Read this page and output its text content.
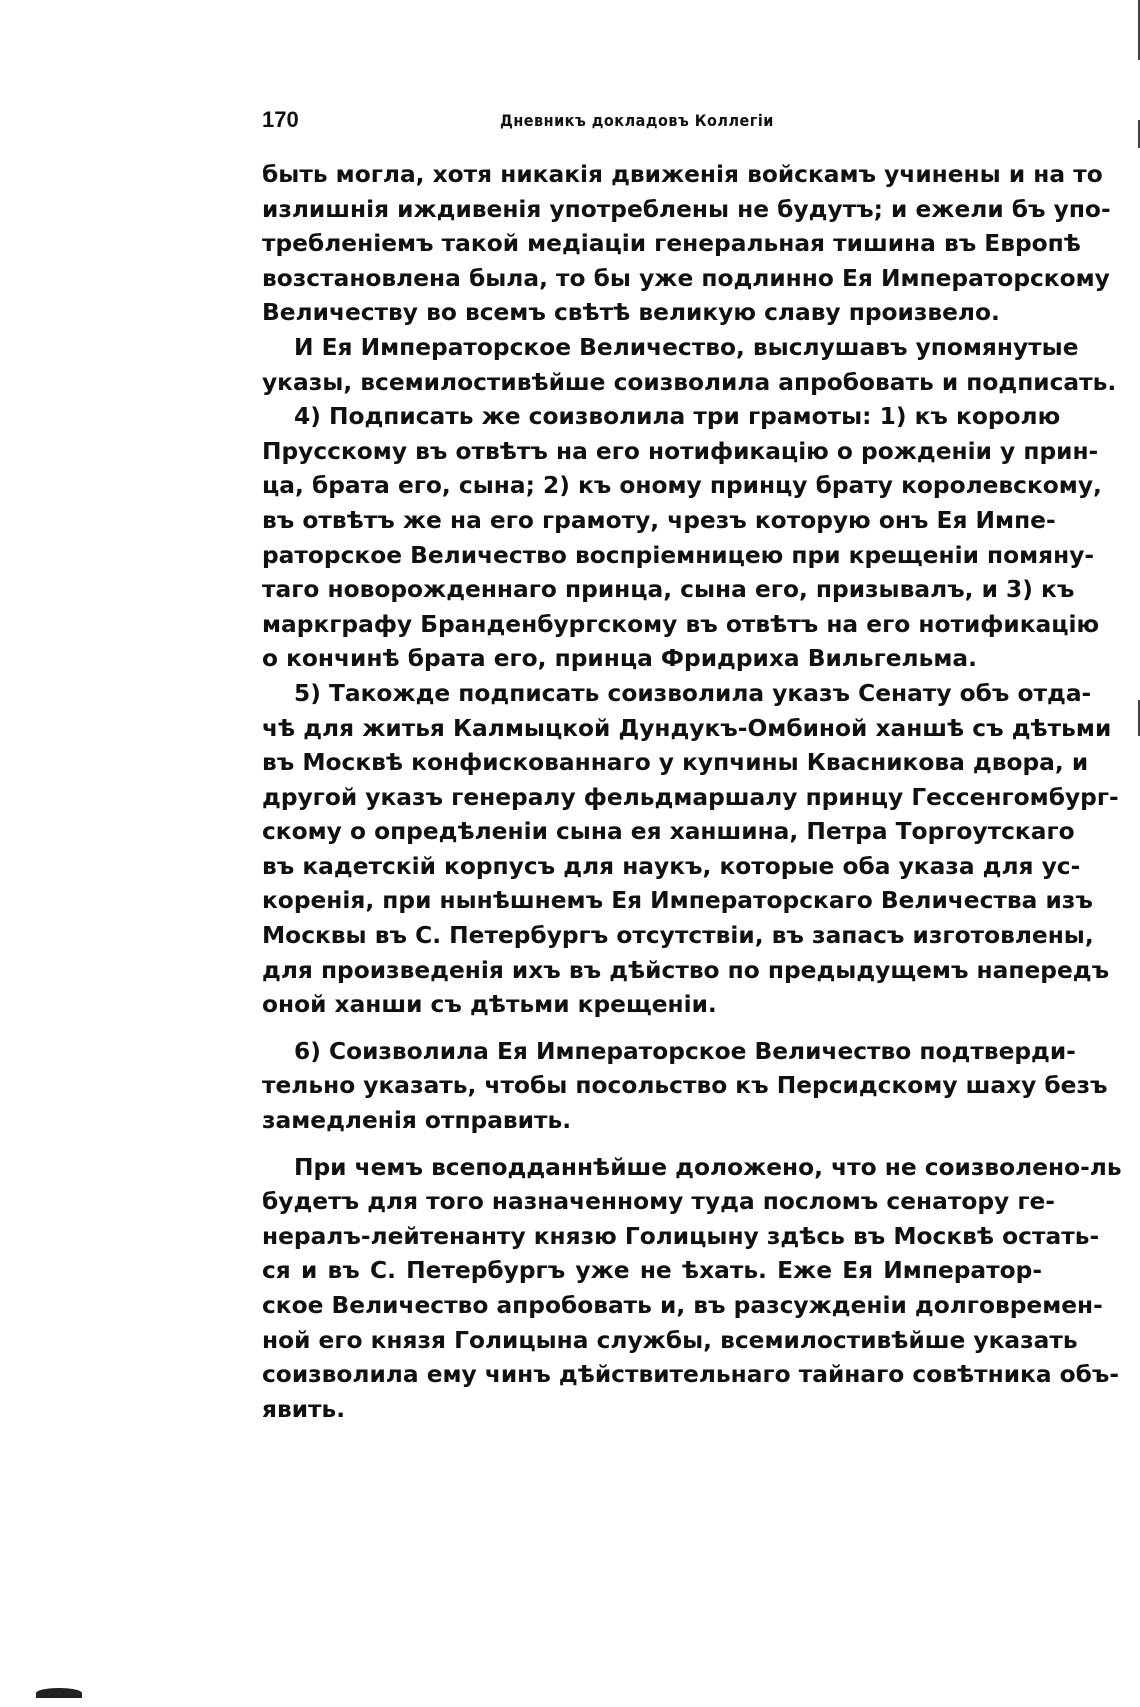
170	Дневникъ докладовъ Коллегіи
быть могла, хотя никакія движенія войскамъ учинены и на то
излишнія иждивенія употреблены не будутъ; и ежели бъ упо-
требленіемъ такой медіаціи генеральная тишина въ Европѣ
возстановлена была, то бы уже подлинно Ея Императорскому
Величеству во всемъ свѣтѣ великую славу произвело.
И Ея Императорское Величество, выслушавъ упомянутые
указы, всемилостивѣйше соизволила апробовать и подписать.
4) Подписать же соизволила три грамоты: 1) къ королю
Прусскому въ отвѣтъ на его нотификацію о рожденіи у прин-
ца, брата его, сына; 2) къ оному принцу брату королевскому,
въ отвѣтъ же на его грамоту, чрезъ которую онъ Ея Импе-
раторское Величество воспріемницею при крещеніи помяну-
таго новорожденнаго принца, сына его, призывалъ, и 3) къ
маркграфу Бранденбургскому въ отвѣтъ на его нотификацію
о кончинѣ брата его, принца Фридриха Вильгельма.
5) Такожде подписать соизволила указъ Сенату объ отда-
чѣ для житья Калмыцкой Дундукъ-Омбиной ханшѣ съ дѣтьми
въ Москвѣ конфискованнаго у купчины Квасникова двора, и
другой указъ генералу фельдмаршалу принцу Гессенгомбург-
скому о опредѣленіи сына ея ханшина, Петра Торгоутскаго
въ кадетскій корпусъ для наукъ, которые оба указа для ус-
коренія, при нынѣшнемъ Ея Императорскаго Величества изъ
Москвы въ С. Петербургъ отсутствіи, въ запасъ изготовлены,
для произведенія ихъ въ дѣйство по предыдущемъ напередъ
оной ханши съ дѣтьми крещеніи.
6) Соизволила Ея Императорское Величество подтверди-
тельно указать, чтобы посольство къ Персидскому шаху безъ
замедленія отправить.
При чемъ всеподданнѣйше доложено, что не соизволено-ль
будетъ для того назначенному туда посломъ сенатору ге-
нералъ-лейтенанту князю Голицыну здѣсь въ Москвѣ остать-
ся и въ С. Петербургъ уже не ѣхать. Еже Ея Император-
ское Величество апробовать и, въ разсужденіи долговремен-
ной его князя Голицына службы, всемилостивѣйше указать
соизволила ему чинъ дѣйствительнаго тайнаго совѣтника объ-
явить.
